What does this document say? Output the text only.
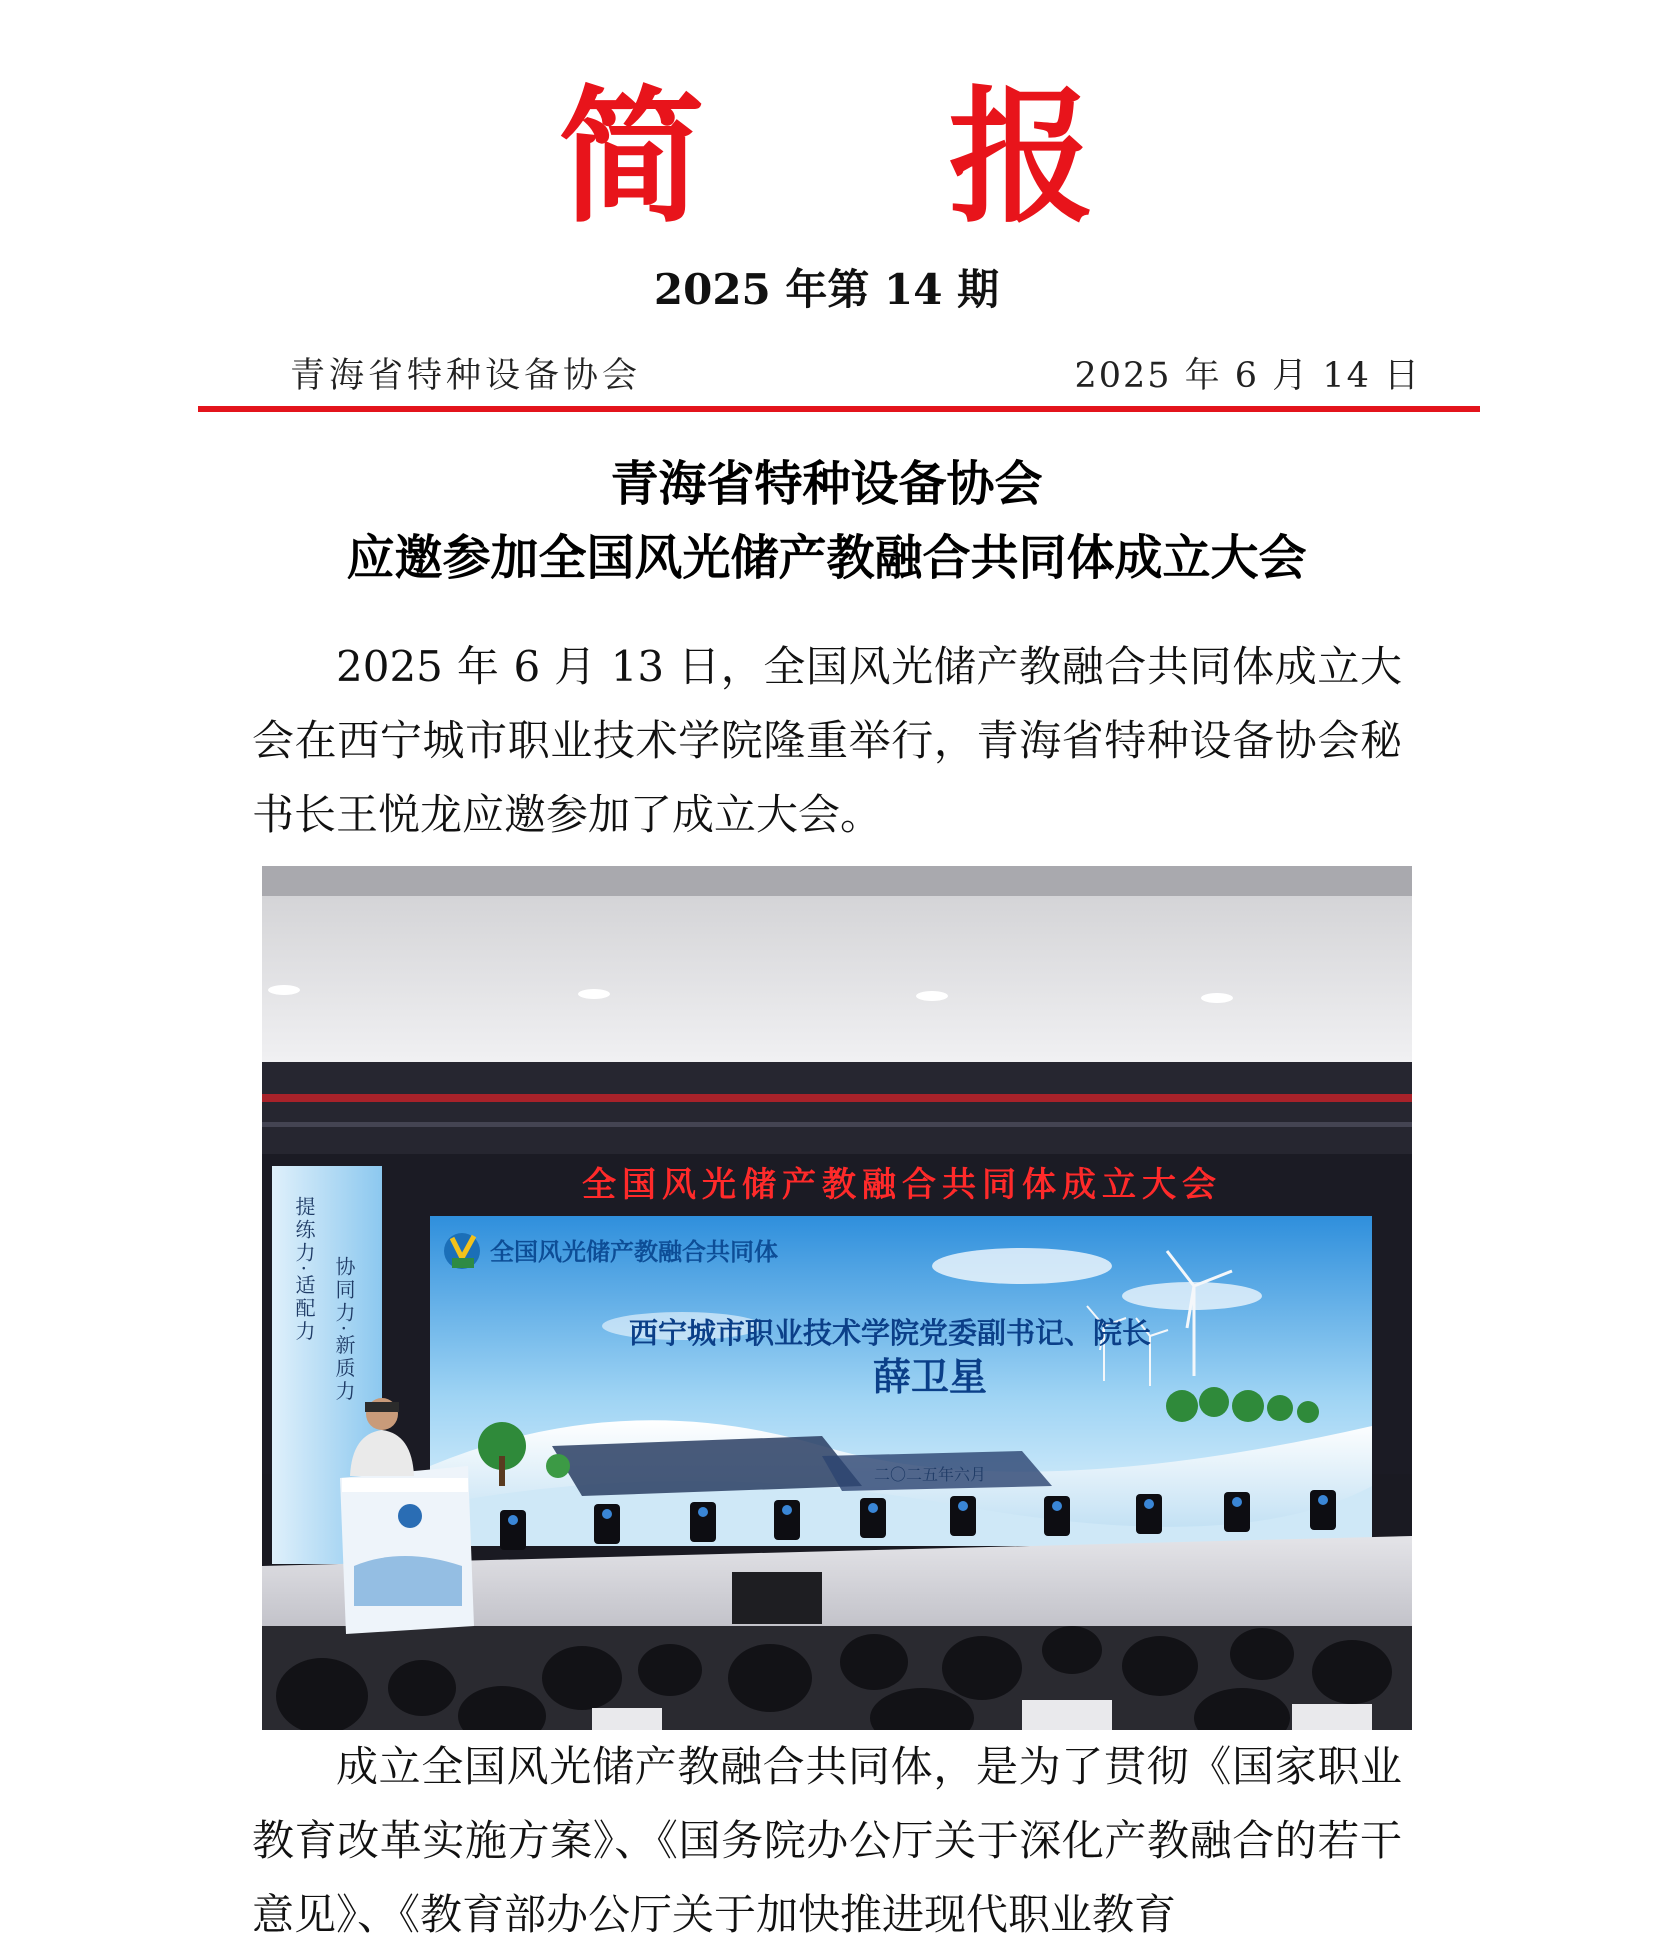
简 报
2025 年第 14 期
青海省特种设备协会	2025 年 6 月 14 日
青海省特种设备协会
应邀参加全国风光储产教融合共同体成立大会

2025 年 6 月 13 日，全国风光储产教融合共同体成立大会在西宁城市职业技术学院隆重举行，青海省特种设备协会秘书长王悦龙应邀参加了成立大会。

提练力·适配力 协同力·新质力
全国风光储产教融合共同体成立大会
全国风光储产教融合共同体
西宁城市职业技术学院党委副书记、院长
薛卫星
二〇二五年六月

成立全国风光储产教融合共同体，是为了贯彻《国家职业教育改革实施方案》、《国务院办公厅关于深化产教融合的若干意见》、《教育部办公厅关于加快推进现代职业教育
